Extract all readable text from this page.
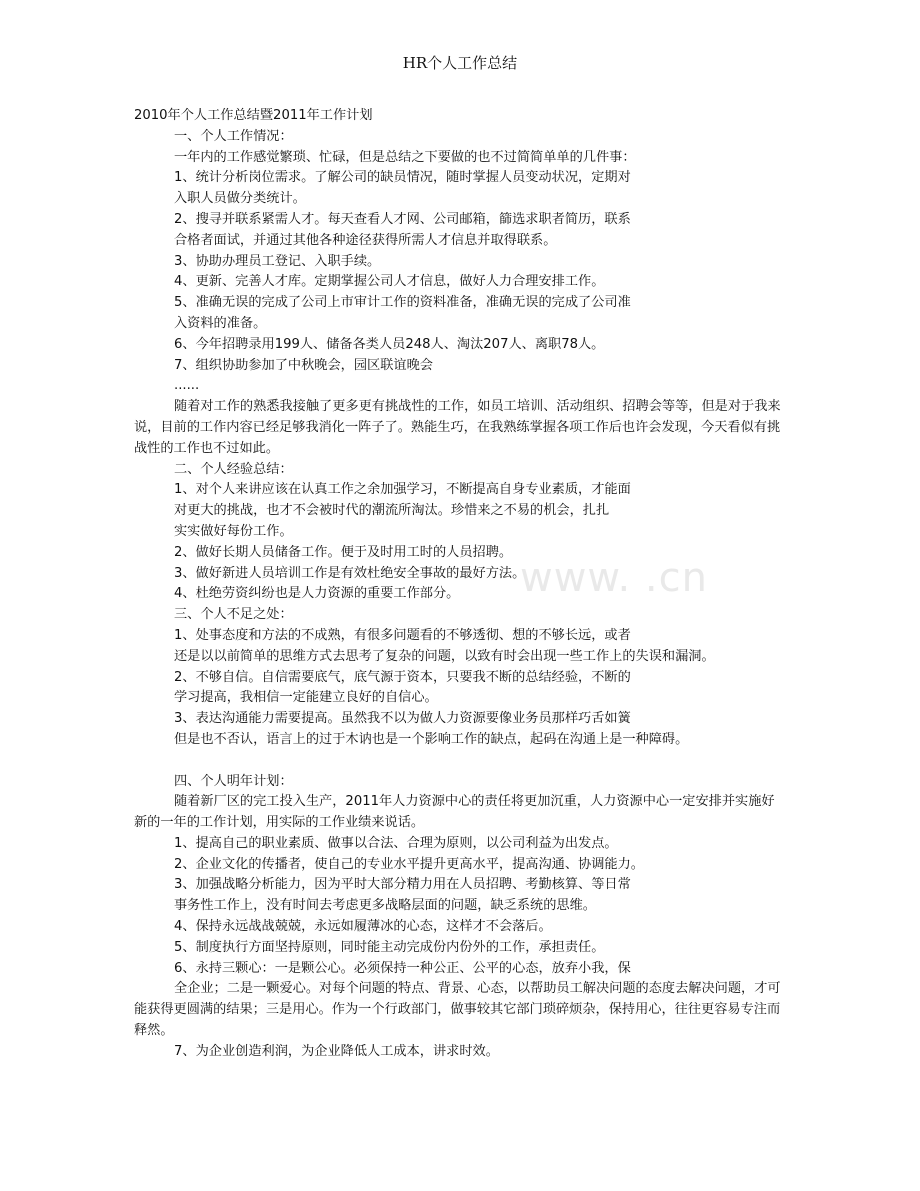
HR个人工作总结
www. .cn
2010年个人工作总结暨2011年工作计划
一、个人工作情况：
一年内的工作感觉繁琐、忙碌，但是总结之下要做的也不过简简单单的几件事：
1、统计分析岗位需求。了解公司的缺员情况，随时掌握人员变动状况，定期对
入职人员做分类统计。
2、搜寻并联系紧需人才。每天查看人才网、公司邮箱，篩选求职者简历，联系
合格者面试，并通过其他各种途径获得所需人才信息并取得联系。
3、协助办理员工登记、入职手续。
4、更新、完善人才库。定期掌握公司人才信息，做好人力合理安排工作。
5、准确无误的完成了公司上市审计工作的资料准备，准确无误的完成了公司准
入资料的准备。
6、今年招聘录用199人、储备各类人员248人、淘汰207人、离职78人。
7、组织协助参加了中秋晚会，园区联谊晚会
......
随着对工作的熟悉我接触了更多更有挑战性的工作，如员工培训、活动组织、招聘会等等，但是对于我来说，目前的工作内容已经足够我消化一阵子了。熟能生巧，在我熟练掌握各项工作后也许会发现，今天看似有挑战性的工作也不过如此。
二、个人经验总结：
1、对个人来讲应该在认真工作之余加强学习，不断提高自身专业素质，才能面
对更大的挑战，也才不会被时代的潮流所淘汰。珍惜来之不易的机会，扎扎
实实做好每份工作。
2、做好长期人员储备工作。便于及时用工时的人员招聘。
3、做好新进人员培训工作是有效杜绝安全事故的最好方法。
4、杜绝劳资纠纷也是人力资源的重要工作部分。
三、个人不足之处：
1、处事态度和方法的不成熟，有很多问题看的不够透彻、想的不够长远，或者
还是以以前简单的思维方式去思考了复杂的问题，以致有时会出现一些工作上的失误和漏洞。
2、不够自信。自信需要底气，底气源于资本，只要我不断的总结经验，不断的
学习提高，我相信一定能建立良好的自信心。
3、表达沟通能力需要提高。虽然我不以为做人力资源要像业务员那样巧舌如簧
但是也不否认，语言上的过于木讷也是一个影响工作的缺点，起码在沟通上是一种障碍。
四、个人明年计划：
随着新厂区的完工投入生产，2011年人力资源中心的责任将更加沉重，人力资源中心一定安排并实施好新的一年的工作计划，用实际的工作业绩来说话。
1、提高自己的职业素质、做事以合法、合理为原则，以公司利益为出发点。
2、企业文化的传播者，使自己的专业水平提升更高水平，提高沟通、协调能力。
3、加强战略分析能力，因为平时大部分精力用在人员招聘、考勤核算、等日常
事务性工作上，没有时间去考虑更多战略层面的问题，缺乏系统的思维。
4、保持永远战战兢兢，永远如履薄冰的心态，这样才不会落后。
5、制度执行方面坚持原则，同时能主动完成份内份外的工作，承担责任。
6、永持三颗心：一是颗公心。必须保持一种公正、公平的心态，放弃小我，保
全企业；二是一颗爱心。对每个问题的特点、背景、心态，以帮助员工解决问题的态度去解决问题，才可能获得更圆满的结果；三是用心。作为一个行政部门，做事较其它部门琐碎烦杂，保持用心，往往更容易专注而释然。
7、为企业创造利润，为企业降低人工成本，讲求时效。
